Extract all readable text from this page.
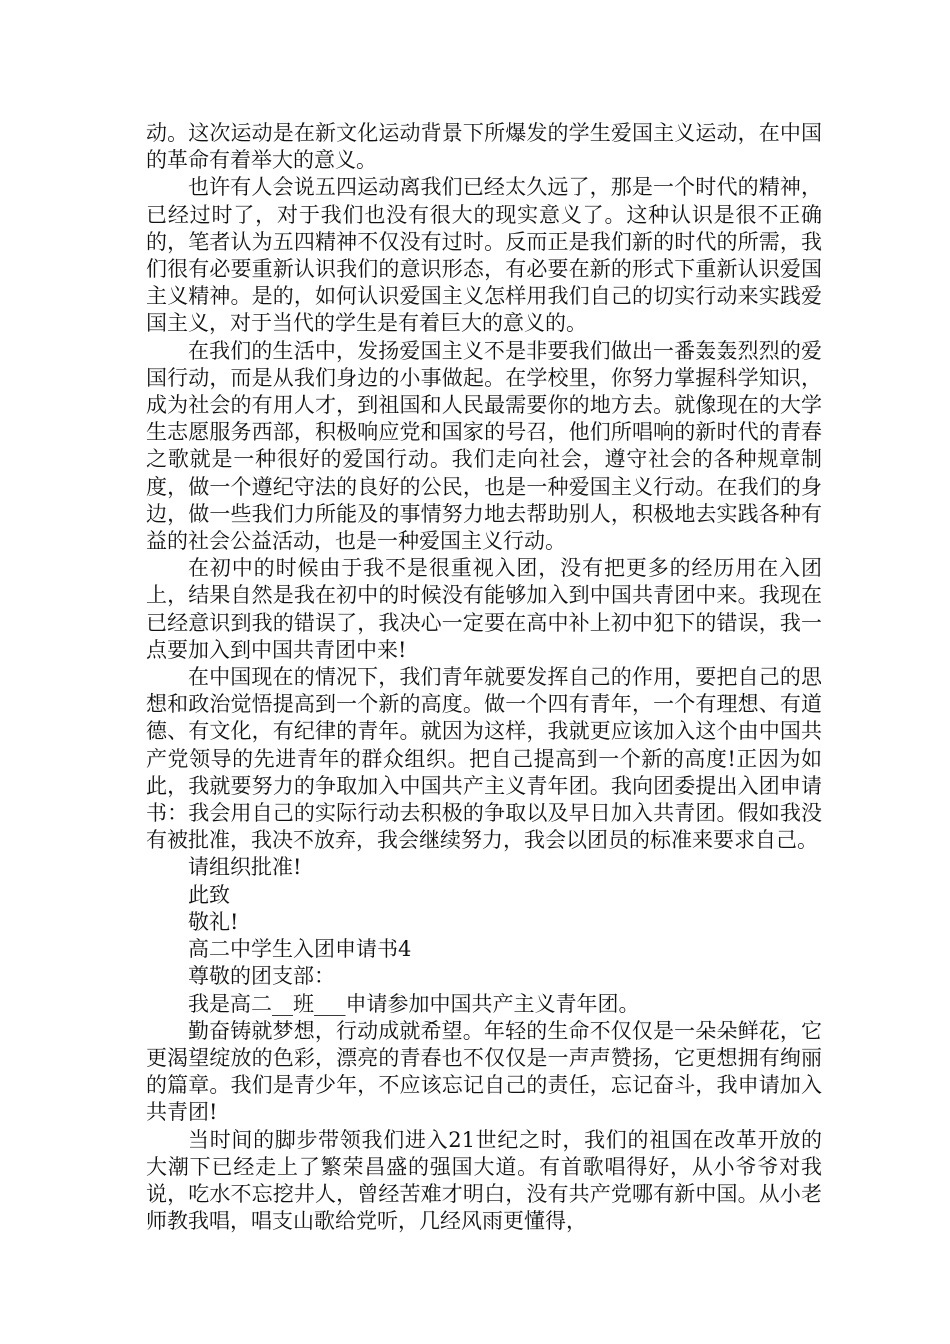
动。这次运动是在新文化运动背景下所爆发的学生爱国主义运动，在中国的革命有着举大的意义。

也许有人会说五四运动离我们已经太久远了，那是一个时代的精神，已经过时了，对于我们也没有很大的现实意义了。这种认识是很不正确的，笔者认为五四精神不仅没有过时。反而正是我们新的时代的所需，我们很有必要重新认识我们的意识形态，有必要在新的形式下重新认识爱国主义精神。是的，如何认识爱国主义怎样用我们自己的切实行动来实践爱国主义，对于当代的学生是有着巨大的意义的。

在我们的生活中，发扬爱国主义不是非要我们做出一番轰轰烈烈的爱国行动，而是从我们身边的小事做起。在学校里，你努力掌握科学知识，成为社会的有用人才，到祖国和人民最需要你的地方去。就像现在的大学生志愿服务西部，积极响应党和国家的号召，他们所唱响的新时代的青春之歌就是一种很好的爱国行动。我们走向社会，遵守社会的各种规章制度，做一个遵纪守法的良好的公民，也是一种爱国主义行动。在我们的身边，做一些我们力所能及的事情努力地去帮助别人，积极地去实践各种有益的社会公益活动，也是一种爱国主义行动。

在初中的时候由于我不是很重视入团，没有把更多的经历用在入团上，结果自然是我在初中的时候没有能够加入到中国共青团中来。我现在已经意识到我的错误了，我决心一定要在高中补上初中犯下的错误，我一点要加入到中国共青团中来!

在中国现在的情况下，我们青年就要发挥自己的作用，要把自己的思想和政治觉悟提高到一个新的高度。做一个四有青年，一个有理想、有道德、有文化，有纪律的青年。就因为这样，我就更应该加入这个由中国共产党领导的先进青年的群众组织。把自己提高到一个新的高度!正因为如此，我就要努力的争取加入中国共产主义青年团。我向团委提出入团申请书：我会用自己的实际行动去积极的争取以及早日加入共青团。假如我没有被批准，我决不放弃，我会继续努力，我会以团员的标准来要求自己。

请组织批准!

此致

敬礼!

高二中学生入团申请书4

尊敬的团支部：

我是高二__班___申请参加中国共产主义青年团。

勤奋铸就梦想，行动成就希望。年轻的生命不仅仅是一朵朵鲜花，它更渴望绽放的色彩，漂亮的青春也不仅仅是一声声赞扬，它更想拥有绚丽的篇章。我们是青少年，不应该忘记自己的责任，忘记奋斗，我申请加入共青团!

当时间的脚步带领我们进入21世纪之时，我们的祖国在改革开放的大潮下已经走上了繁荣昌盛的强国大道。有首歌唱得好，从小爷爷对我说，吃水不忘挖井人，曾经苦难才明白，没有共产党哪有新中国。从小老师教我唱，唱支山歌给党听，几经风雨更懂得，
